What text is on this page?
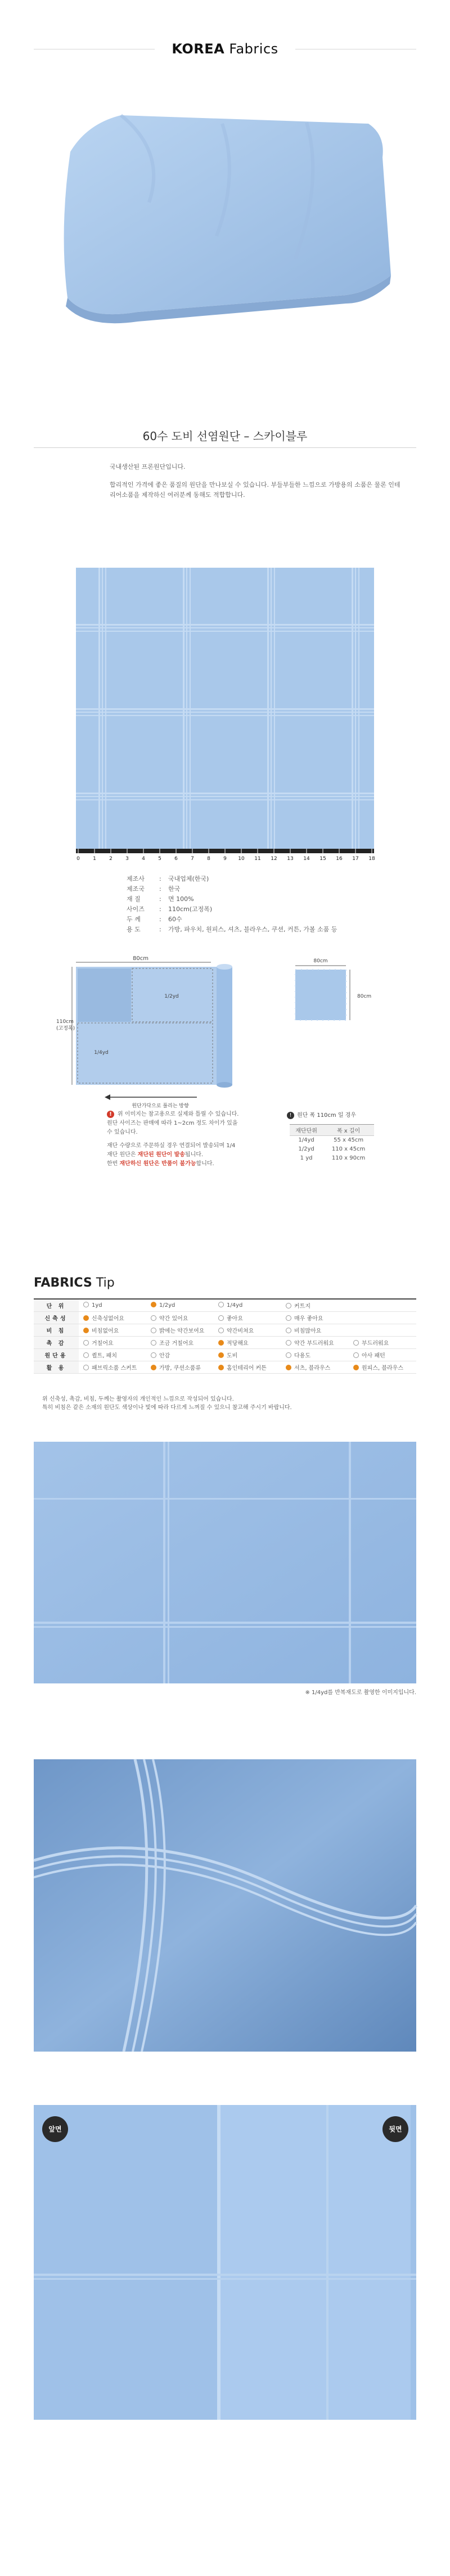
KOREA Fabrics
60수 도비 선염원단 – 스카이블루

국내생산된 프론원단입니다.

합리적인 가격에 좋은 품질의 원단을 만나보실 수 있습니다. 부들부들한 느낌으로 가방용의 소품은 물론 인테리어소품을 제작하신 여러분께 동해도 적합합니다.

0	1	2	3	4	5	6	7	8	9 10 11 12 13 14 15 16 17 18
제조사	:	국내업체(한국)
제조국	:	한국
재 질	:	면 100%
사이즈	:	110cm(고정폭)
두 께	:	60수
용 도	:	가방, 파우치, 원피스, 셔츠, 블라우스, 쿠션, 커튼, 가볼 소품 등
80cm
110cm
(고정폭)
1/2yd
1/4yd
원단가닥으로 풀리는 방향
80cm
80cm
! 위 이미지는 참고용으로 실제와 틀릴 수 있습니다.
원단 사이즈는 판매에 따라 1~2cm 정도 차이가 있을 수 있습니다.
재단 수량으로 주문하실 경우 연결되어 발송되며 1/4 재단 원단은 재단된 원단이 발송됩니다.
한번 재단하신 원단은 반품이 불가능합니다.
! 원단 폭 110cm 일 경우
재단단위	폭 x 길이
1/4yd	55 x 45cm
1/2yd	110 x 45cm
1 yd	110 x 90cm
FABRICS Tip
단 위	1yd	1/2yd	1/4yd	커트지	
신축성	신축성없어요	약간 있어요	좋아요	매우 좋아요	
비 침	비침없어요	밝에는 약간보여요	약간비쳐요	비침많아요	
촉 감	거칠어요	조금 거칠어요	적당해요	약간 부드러워요	부드러워요
원단용	퀼트, 패치	안감	도비	다용도	아사 패턴
활 용	패브릭소품 스커트	가방, 쿠션소품류	홈인테리어 커튼	셔츠, 블라우스	원피스, 블라우스
위 신축성, 촉감, 비침, 두께는 촬영자의 개인적인 느낌으로 작성되어 있습니다.
특히 비침은 같은 소재의 원단도 색상이나 빛에 따라 다르게 느껴질 수 있으니 참고해 주시기 바랍니다.
※ 1/4yd를 반복재도로 촬영한 이미지입니다.
앞면	뒷면
